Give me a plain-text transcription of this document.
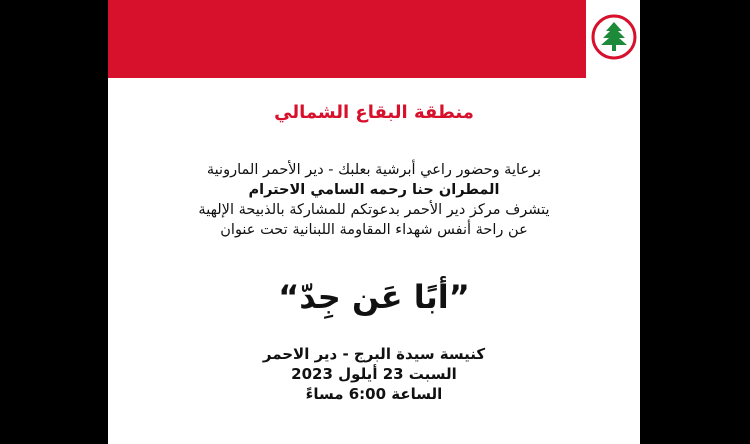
منطقة البقاع الشمالي
برعاية وحضور راعي أبرشية بعلبك - دير الأحمر المارونية
المطران حنا رحمه السامي الاحترام
يتشرف مركز دير الأحمر بدعوتكم للمشاركة بالذبيحة الإلهية
عن راحة أنفس شهداء المقاومة اللبنانية تحت عنوان
”أبًا عَن جِدّ“
كنيسة سيدة البرج - دير الاحمر
السبت 23 أيلول 2023
الساعة 6:00 مساءً
